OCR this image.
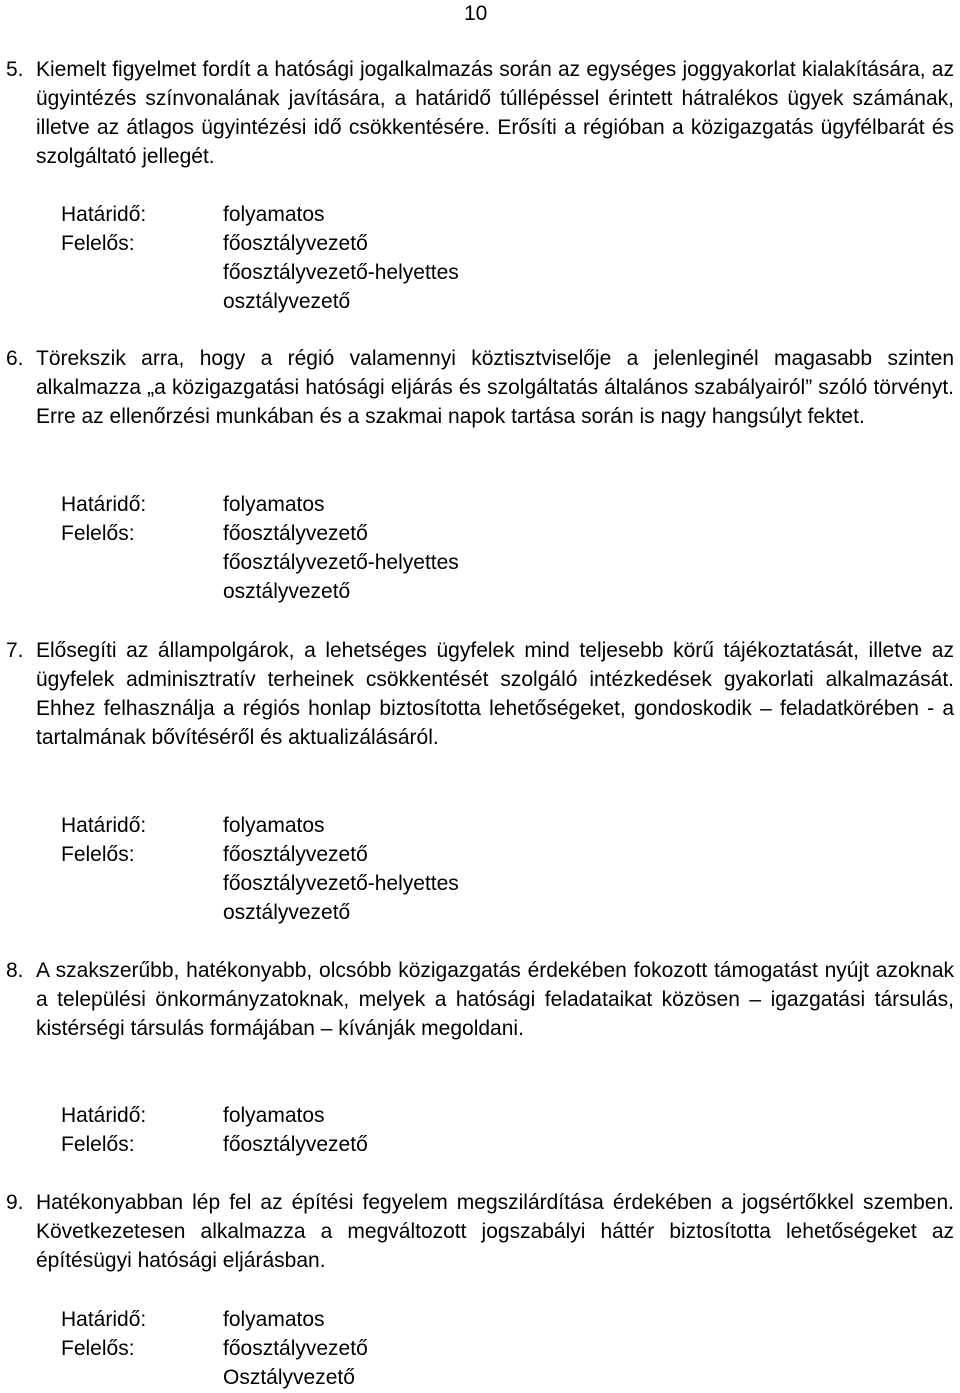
10
5. Kiemelt figyelmet fordít a hatósági jogalkalmazás során az egységes joggyakorlat kialakítására, az ügyintézés színvonalának javítására, a határidő túllépéssel érintett hátralékos ügyek számának, illetve az átlagos ügyintézési idő csökkentésére. Erősíti a régióban a közigazgatás ügyfélbarát és szolgáltató jellegét.

Határidő:	folyamatos
Felelős:	főosztályvezető
főosztályvezető-helyettes
osztályvezető
6. Törekszik arra, hogy a régió valamennyi köztisztviselője a jelenleginél magasabb szinten alkalmazza „a közigazgatási hatósági eljárás és szolgáltatás általános szabályairól” szóló törvényt. Erre az ellenőrzési munkában és a szakmai napok tartása során is nagy hangsúlyt fektet.

Határidő:	folyamatos
Felelős:	főosztályvezető
főosztályvezető-helyettes
osztályvezető
7. Elősegíti az állampolgárok, a lehetséges ügyfelek mind teljesebb körű tájékoztatását, illetve az ügyfelek adminisztratív terheinek csökkentését szolgáló intézkedések gyakorlati alkalmazását. Ehhez felhasználja a régiós honlap biztosította lehetőségeket, gondoskodik – feladatkörében - a tartalmának bővítéséről és aktualizálásáról.

Határidő:	folyamatos
Felelős:	főosztályvezető
főosztályvezető-helyettes
osztályvezető
8. A szakszerűbb, hatékonyabb, olcsóbb közigazgatás érdekében fokozott támogatást nyújt azoknak a települési önkormányzatoknak, melyek a hatósági feladataikat közösen – igazgatási társulás, kistérségi társulás formájában – kívánják megoldani.

Határidő:	folyamatos
Felelős:	főosztályvezető
9. Hatékonyabban lép fel az építési fegyelem megszilárdítása érdekében a jogsértőkkel szemben. Következetesen alkalmazza a megváltozott jogszabályi háttér biztosította lehetőségeket az építésügyi hatósági eljárásban.

Határidő:	folyamatos
Felelős:	főosztályvezető
Osztályvezető
